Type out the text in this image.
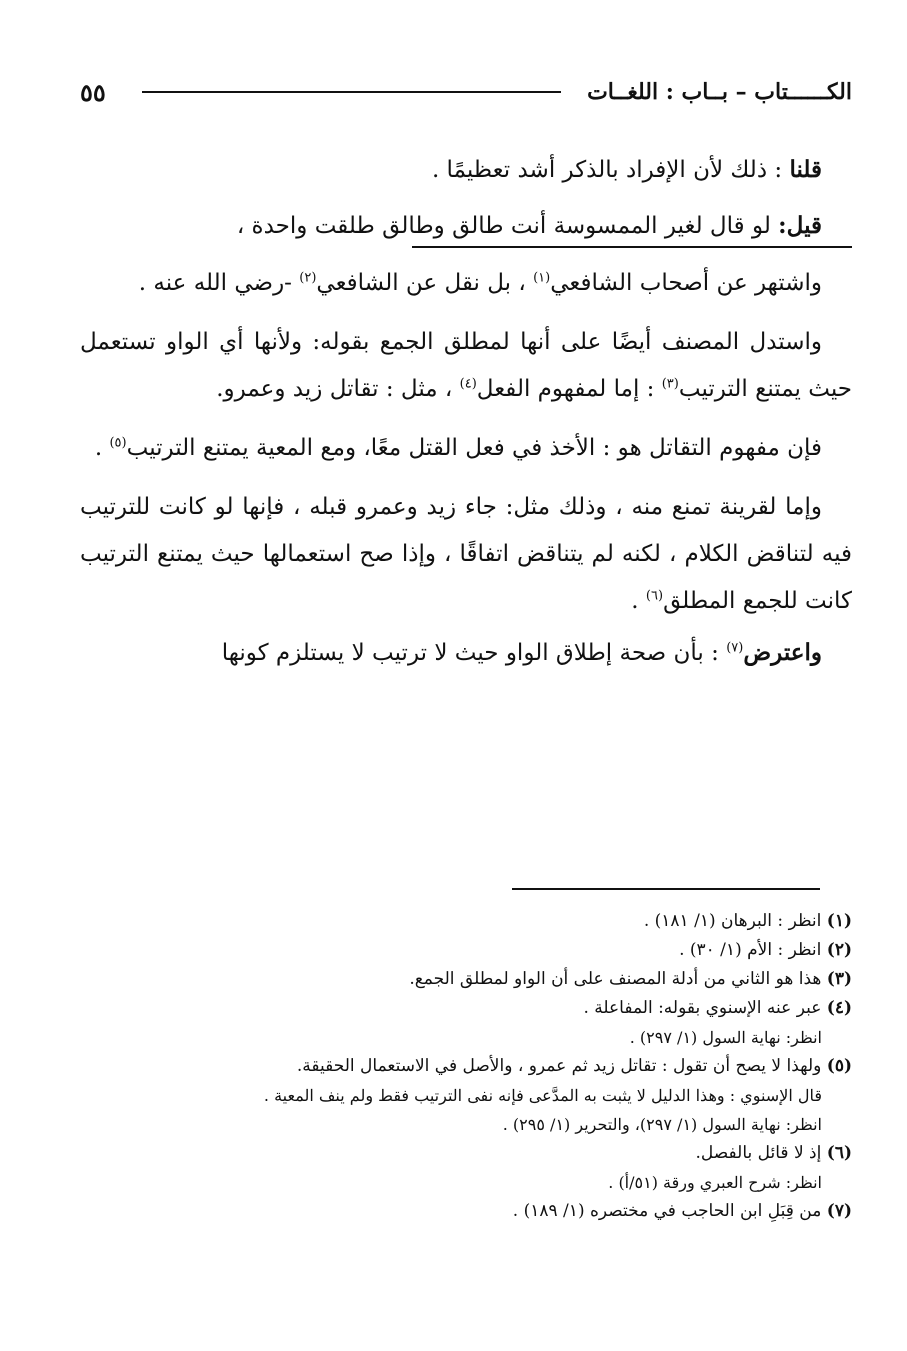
الكــــــتاب – بــاب : اللغــات
٥٥

قلنا : ذلك لأن الإفراد بالذكر أشد تعظيمًا .

قيل: لو قال لغير الممسوسة أنت طالق وطالق طلقت واحدة ،

واشتهر عن أصحاب الشافعي$^{(١)}$ ، بل نقل عن الشافعي$^{(٢)}$ -رضي الله عنه .

واستدل المصنف أيضًا على أنها لمطلق الجمع بقوله: ولأنها أي الواو تستعمل حيث يمتنع الترتيب$^{(٣)}$ : إما لمفهوم الفعل$^{(٤)}$ ، مثل : تقاتل زيد وعمرو.

فإن مفهوم التقاتل هو : الأخذ في فعل القتل معًا، ومع المعية يمتنع الترتيب$^{(٥)}$ .

وإما لقرينة تمنع منه ، وذلك مثل: جاء زيد وعمرو قبله ، فإنها لو كانت للترتيب فيه لتناقض الكلام ، لكنه لم يتناقض اتفاقًا ، وإذا صح استعمالها حيث يمتنع الترتيب كانت للجمع المطلق$^{(٦)}$ .

واعترض$^{(٧)}$ : بأن صحة إطلاق الواو حيث لا ترتيب لا يستلزم كونها

(١) انظر : البرهان (١/ ١٨١) .

(٢) انظر : الأم (١/ ٣٠) .

(٣) هذا هو الثاني من أدلة المصنف على أن الواو لمطلق الجمع.

(٤) عبر عنه الإسنوي بقوله: المفاعلة .

انظر: نهاية السول (١/ ٢٩٧) .

(٥) ولهذا لا يصح أن تقول : تقاتل زيد ثم عمرو ، والأصل في الاستعمال الحقيقة.

قال الإسنوي : وهذا الدليل لا يثبت به المدَّعى فإنه نفى الترتيب فقط ولم ينف المعية .

انظر: نهاية السول (١/ ٢٩٧)، والتحرير (١/ ٢٩٥) .

(٦) إذ لا قائل بالفصل.

انظر: شرح العبري ورقة (٥١/أ) .

(٧) من قِبَلِ ابن الحاجب في مختصره (١/ ١٨٩) .
